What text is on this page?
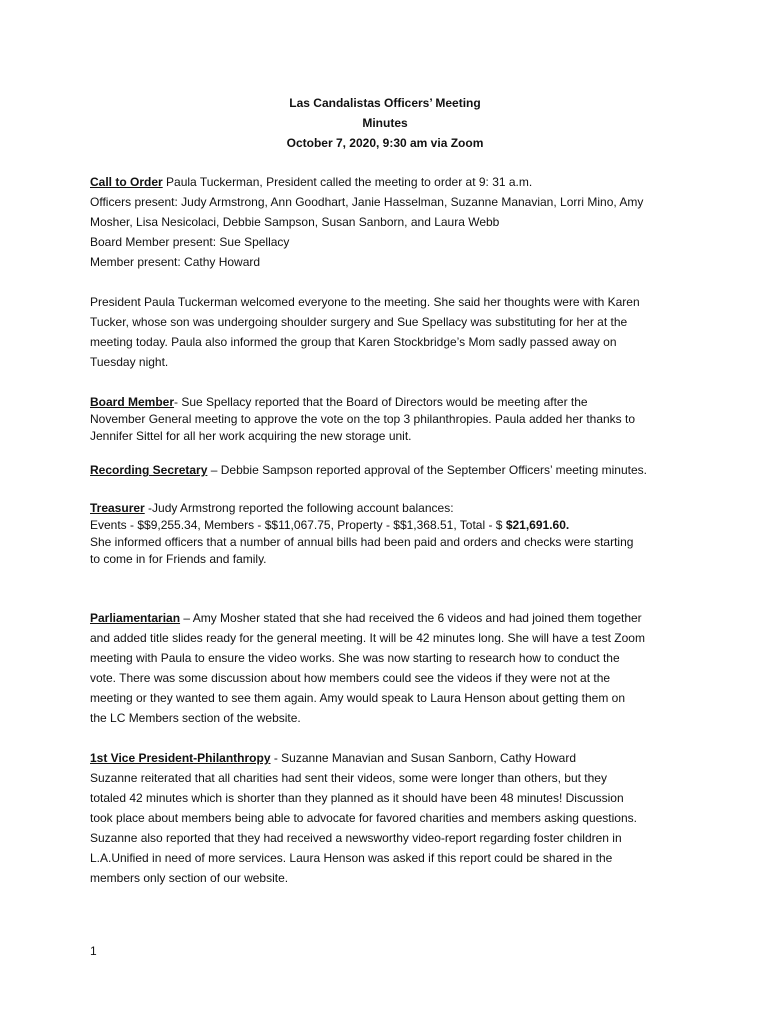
Las Candalistas Officers’ Meeting
Minutes
October 7, 2020, 9:30 am via Zoom
Call to Order Paula Tuckerman, President called the meeting to order at 9: 31 a.m.
Officers present: Judy Armstrong, Ann Goodhart, Janie Hasselman, Suzanne Manavian, Lorri Mino, Amy
Mosher, Lisa Nesicolaci, Debbie Sampson, Susan Sanborn, and Laura Webb
Board Member present: Sue Spellacy
Member present: Cathy Howard
President Paula Tuckerman welcomed everyone to the meeting. She said her thoughts were with Karen
Tucker, whose son was undergoing shoulder surgery and Sue Spellacy was substituting for her at the
meeting today. Paula also informed the group that Karen Stockbridge’s Mom sadly passed away on
Tuesday night.
Board Member- Sue Spellacy reported that the Board of Directors would be meeting after the
November General meeting to approve the vote on the top 3 philanthropies. Paula added her thanks to
Jennifer Sittel for all her work acquiring the new storage unit.
Recording Secretary – Debbie Sampson reported approval of the September Officers’ meeting minutes.
Treasurer -Judy Armstrong reported the following account balances:
Events - $$9,255.34, Members - $$11,067.75, Property - $$1,368.51, Total - $ $21,691.60.
She informed officers that a number of annual bills had been paid and orders and checks were starting
to come in for Friends and family.
Parliamentarian – Amy Mosher stated that she had received the 6 videos and had joined them together
and added title slides ready for the general meeting. It will be 42 minutes long. She will have a test Zoom
meeting with Paula to ensure the video works. She was now starting to research how to conduct the
vote. There was some discussion about how members could see the videos if they were not at the
meeting or they wanted to see them again. Amy would speak to Laura Henson about getting them on
the LC Members section of the website.
1st Vice President-Philanthropy - Suzanne Manavian and Susan Sanborn, Cathy Howard
Suzanne reiterated that all charities had sent their videos, some were longer than others, but they
totaled 42 minutes which is shorter than they planned as it should have been 48 minutes! Discussion
took place about members being able to advocate for favored charities and members asking questions.
Suzanne also reported that they had received a newsworthy video-report regarding foster children in
L.A.Unified in need of more services. Laura Henson was asked if this report could be shared in the
members only section of our website.
1
